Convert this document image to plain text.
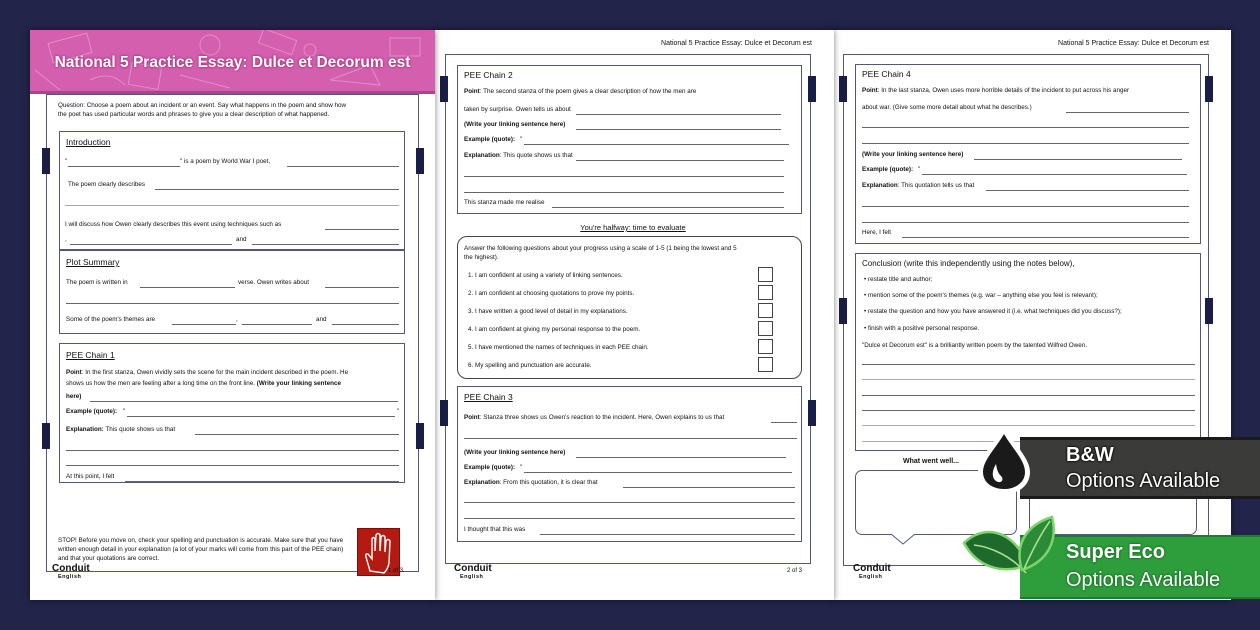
National 5 Practice Essay: Dulce et Decorum est
Question: Choose a poem about an incident or an event. Say what happens in the poem and show how
the poet has used particular words and phrases to give you a clear description of what happened.
Introduction
"	" is a poem by World War I poet,
The poem clearly describes
I will discuss how Owen clearly describes this event using techniques such as
,	and
Plot Summary
The poem is written in	verse. Owen writes about
Some of the poem's themes are	,	and
PEE Chain 1
Point: In the first stanza, Owen vividly sets the scene for the main incident described in the poem. He
shows us how the men are feeling after a long time on the front line. (Write your linking sentence
here)
Example (quote): "	"
Explanation: This quote shows us that
At this point, I felt
STOP! Before you move on, check your spelling and punctuation is accurate. Make sure that you have written enough detail in your explanation (a lot of your marks will come from this part of the PEE chain) and that your quotations are correct.
Conduit
English
1 of 3
National 5 Practice Essay: Dulce et Decorum est
PEE Chain 2
Point: The second stanza of the poem gives a clear description of how the men are
taken by surprise. Owen tells us about
(Write your linking sentence here)
Example (quote): "
Explanation: This quote shows us that
This stanza made me realise
You're halfway: time to evaluate
Answer the following questions about your progress using a scale of 1-5 (1 being the lowest and 5
the highest).
1. I am confident at using a variety of linking sentences.
2. I am confident at choosing quotations to prove my points.
3. I have written a good level of detail in my explanations.
4. I am confident at giving my personal response to the poem.
5. I have mentioned the names of techniques in each PEE chain.
6. My spelling and punctuation are accurate.
PEE Chain 3
Point: Stanza three shows us Owen's reaction to the incident. Here, Owen explains to us that
(Write your linking sentence here)
Example (quote): "
Explanation: From this quotation, it is clear that
I thought that this was
Conduit
English
2 of 3
National 5 Practice Essay: Dulce et Decorum est
PEE Chain 4
Point: In the last stanza, Owen uses more horrible details of the incident to put across his anger
about war. (Give some more detail about what he describes.)
(Write your linking sentence here)
Example (quote): "
Explanation: This quotation tells us that
Here, I felt
Conclusion (write this independently using the notes below),
• restate title and author;
• mention some of the poem's themes (e.g. war – anything else you feel is relevant);
• restate the question and how you have answered it (i.e. what techniques did you discuss?);
• finish with a positive personal response.
"Dulce et Decorum est" is a brilliantly written poem by the talented Wilfred Owen.
What went well...
Conduit
English
B&W
Options Available
Super Eco
Options Available
